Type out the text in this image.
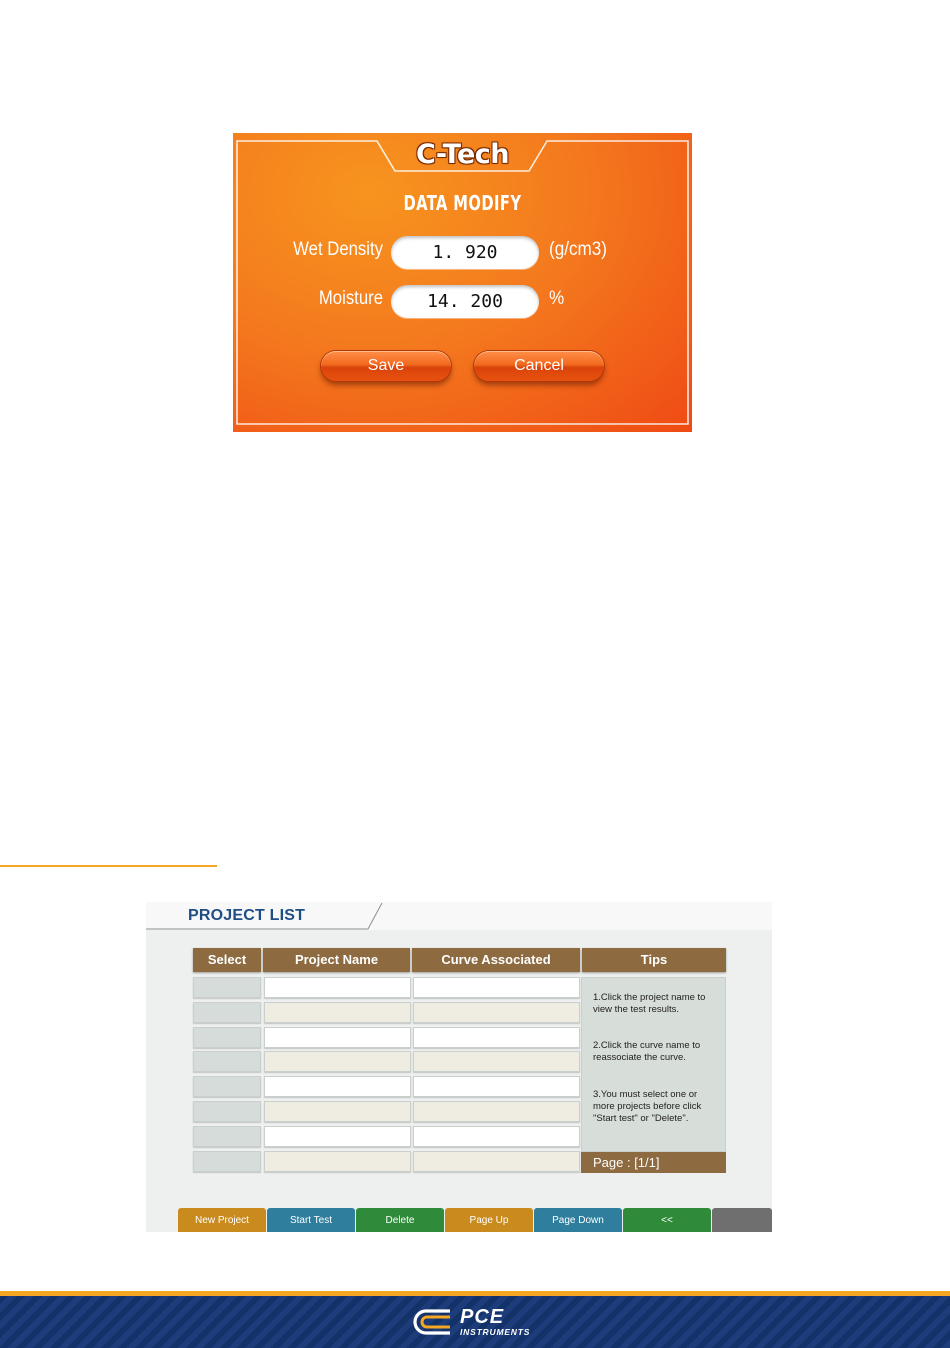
C-Tech
DATA MODIFY
Wet Density	1. 920	(g/cm3)
Moisture	14. 200	%
Save	Cancel
PROJECT LIST
Select	Project Name	Curve Associated	Tips
1.Click the project name to view the test results.
2.Click the curve name to reassociate the curve.
3.You must select one or more projects before click "Start test" or "Delete".
Page : [1/1]
New Project	Start Test	Delete	Page Up	Page Down	<<
PCE
INSTRUMENTS
